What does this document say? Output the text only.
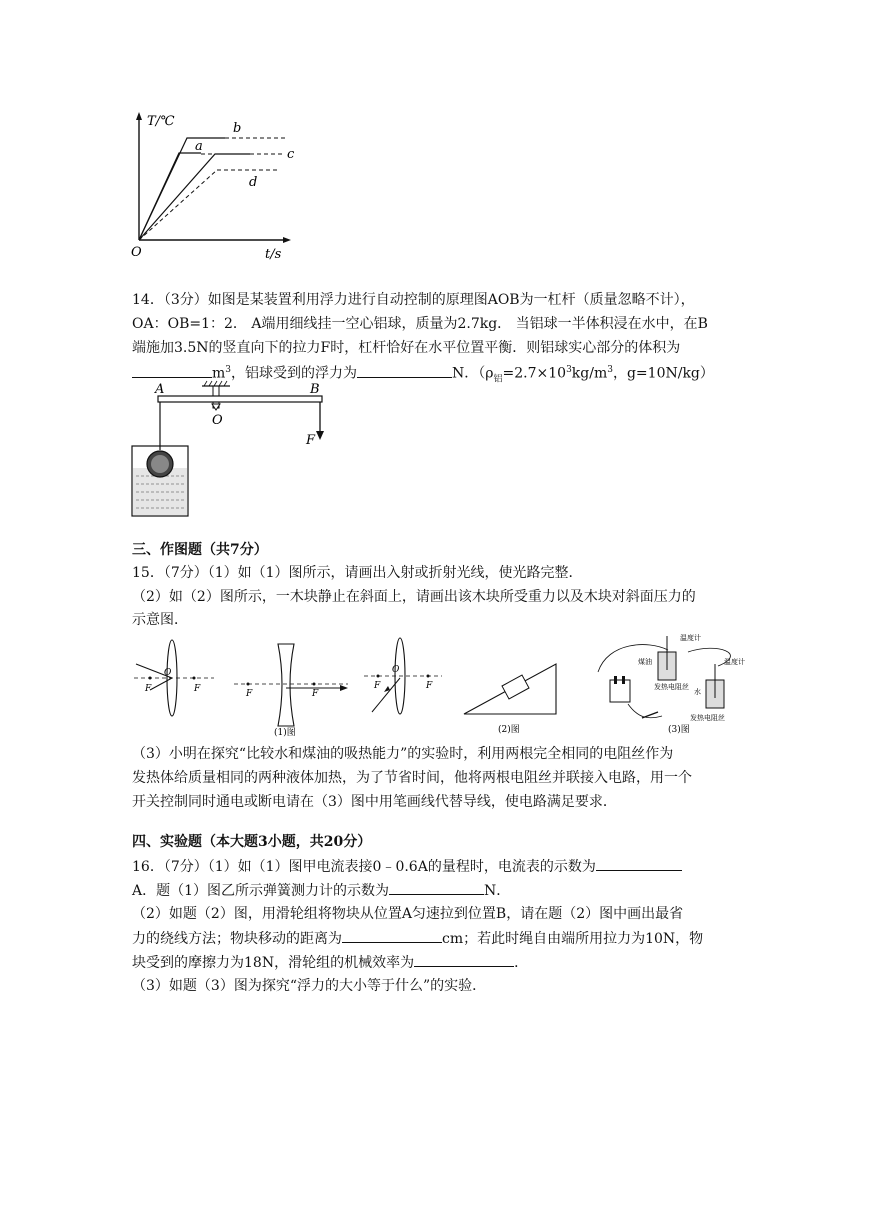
T/℃
t/s
O
a
b
c
d
14．（3分）如图是某装置利用浮力进行自动控制的原理图AOB为一杠杆（质量忽略不计），
OA：OB=1：2． A端用细线挂一空心铝球，质量为2.7kg． 当铝球一半体积浸在水中，在B
端施加3.5N的竖直向下的拉力F时，杠杆恰好在水平位置平衡．则铝球实心部分的体积为
$m^3$，铝球受到的浮力为	N．（$\rho_铝=2.7\times 10^3kg/m^3$，g=10N/kg）
A	B
O
F
三、作图题（共7分）
15．（7分）（1）如（1）图所示，请画出入射或折射光线，使光路完整．
（2）如（2）图所示，一木块静止在斜面上，请画出该木块所受重力以及木块对斜面压力的
示意图．
F	F
O
F	F
(1)图
F	F
O
(2)图
温度计
温度计
煤油
水
发热电阻丝
发热电阻丝
(3)图
（3）小明在探究“比较水和煤油的吸热能力”的实验时，利用两根完全相同的电阻丝作为
发热体给质量相同的两种液体加热，为了节省时间，他将两根电阻丝并联接入电路，用一个
开关控制同时通电或断电请在（3）图中用笔画线代替导线，使电路满足要求．
四、实验题（本大题3小题，共20分）
16．（7分）（1）如（1）图甲电流表接0﹣0.6A的量程时，电流表的示数为
A．题（1）图乙所示弹簧测力计的示数为	N．
（2）如题（2）图，用滑轮组将物块从位置A匀速拉到位置B，请在题（2）图中画出最省
力的绕线方法；物块移动的距离为	cm；若此时绳自由端所用拉力为10N，物
块受到的摩擦力为18N，滑轮组的机械效率为	．
（3）如题（3）图为探究“浮力的大小等于什么”的实验．
